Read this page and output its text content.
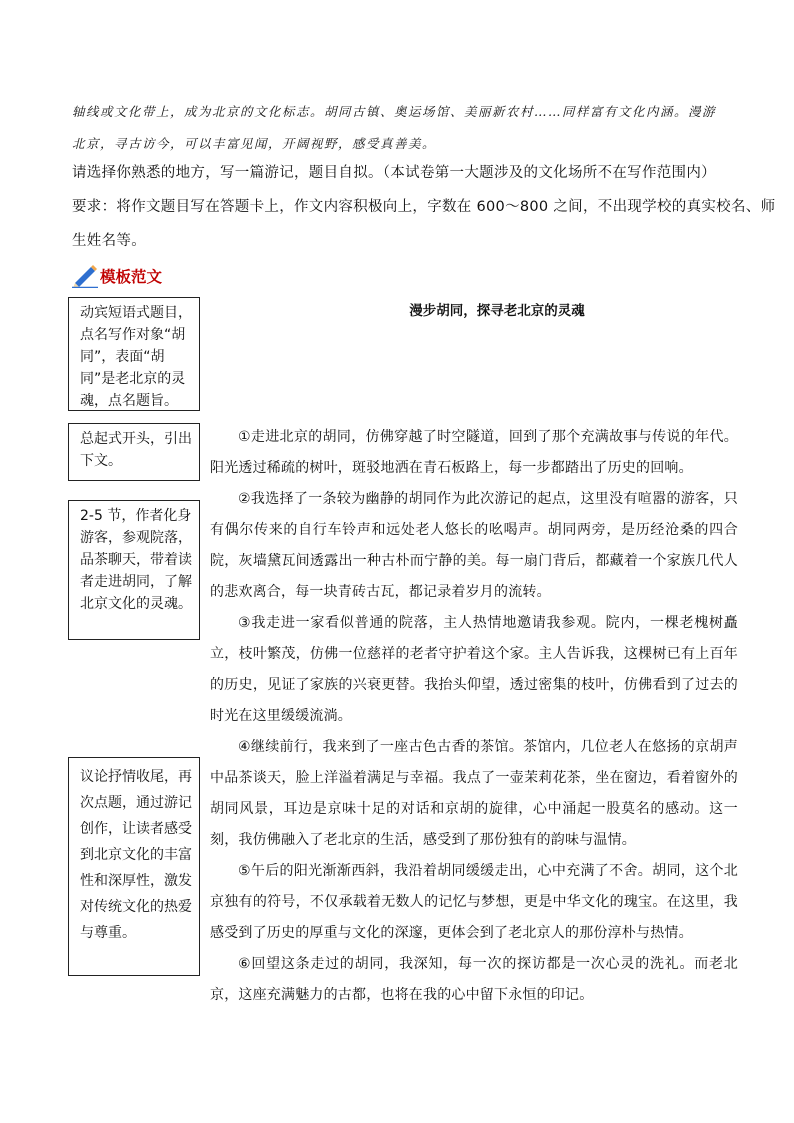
轴线或文化带上，成为北京的文化标志。胡同古镇、奥运场馆、美丽新农村……同样富有文化内涵。漫游
北京，寻古访今，可以丰富见闻，开阔视野，感受真善美。
请选择你熟悉的地方，写一篇游记，题目自拟。（本试卷第一大题涉及的文化场所不在写作范围内）
要求：将作文题目写在答题卡上，作文内容积极向上，字数在 600～800 之间，不出现学校的真实校名、师
生姓名等。
模板范文
动宾短语式题目，点名写作对象“胡同”，表面“胡同”是老北京的灵魂，点名题旨。
总起式开头，引出下文。
2-5 节，作者化身游客，参观院落，品茶聊天，带着读者走进胡同，了解北京文化的灵魂。
议论抒情收尾，再次点题，通过游记创作，让读者感受到北京文化的丰富性和深厚性，激发对传统文化的热爱与尊重。
漫步胡同，探寻老北京的灵魂

①走进北京的胡同，仿佛穿越了时空隧道，回到了那个充满故事与传说的年代。阳光透过稀疏的树叶，斑驳地洒在青石板路上，每一步都踏出了历史的回响。

②我选择了一条较为幽静的胡同作为此次游记的起点，这里没有喧嚣的游客，只有偶尔传来的自行车铃声和远处老人悠长的吆喝声。胡同两旁，是历经沧桑的四合院，灰墙黛瓦间透露出一种古朴而宁静的美。每一扇门背后，都藏着一个家族几代人的悲欢离合，每一块青砖古瓦，都记录着岁月的流转。

③我走进一家看似普通的院落，主人热情地邀请我参观。院内，一棵老槐树矗立，枝叶繁茂，仿佛一位慈祥的老者守护着这个家。主人告诉我，这棵树已有上百年的历史，见证了家族的兴衰更替。我抬头仰望，透过密集的枝叶，仿佛看到了过去的时光在这里缓缓流淌。

④继续前行，我来到了一座古色古香的茶馆。茶馆内，几位老人在悠扬的京胡声中品茶谈天，脸上洋溢着满足与幸福。我点了一壶茉莉花茶，坐在窗边，看着窗外的胡同风景，耳边是京味十足的对话和京胡的旋律，心中涌起一股莫名的感动。这一刻，我仿佛融入了老北京的生活，感受到了那份独有的韵味与温情。

⑤午后的阳光渐渐西斜，我沿着胡同缓缓走出，心中充满了不舍。胡同，这个北京独有的符号，不仅承载着无数人的记忆与梦想，更是中华文化的瑰宝。在这里，我感受到了历史的厚重与文化的深邃，更体会到了老北京人的那份淳朴与热情。

⑥回望这条走过的胡同，我深知，每一次的探访都是一次心灵的洗礼。而老北京，这座充满魅力的古都，也将在我的心中留下永恒的印记。
